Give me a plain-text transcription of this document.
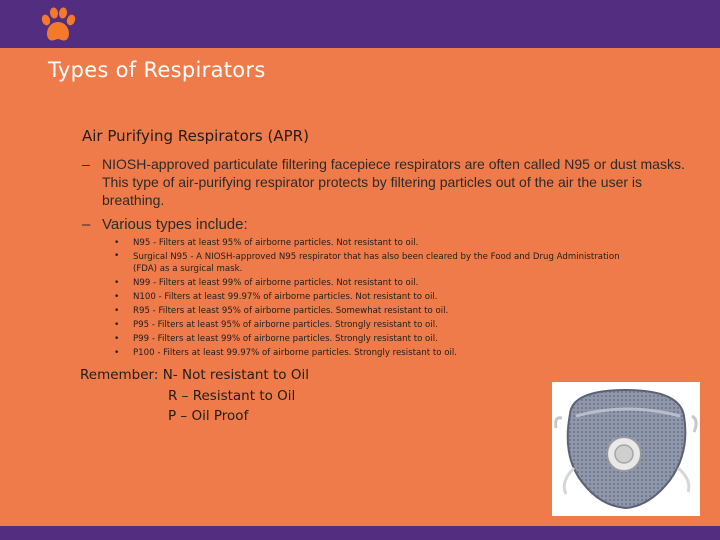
Types of Respirators
Air Purifying Respirators (APR)
– NIOSH-approved particulate filtering facepiece respirators are often called N95 or dust masks. This type of air-purifying respirator protects by filtering particles out of the air the user is breathing.
– Various types include:
• N95 - Filters at least 95% of airborne particles. Not resistant to oil.
• Surgical N95 - A NIOSH-approved N95 respirator that has also been cleared by the Food and Drug Administration (FDA) as a surgical mask.
• N99 - Filters at least 99% of airborne particles. Not resistant to oil.
• N100 - Filters at least 99.97% of airborne particles. Not resistant to oil.
• R95 - Filters at least 95% of airborne particles. Somewhat resistant to oil.
• P95 - Filters at least 95% of airborne particles. Strongly resistant to oil.
• P99 - Filters at least 99% of airborne particles. Strongly resistant to oil.
• P100 - Filters at least 99.97% of airborne particles. Strongly resistant to oil.
Remember: N- Not resistant to Oil
R – Resistant to Oil
P – Oil Proof
